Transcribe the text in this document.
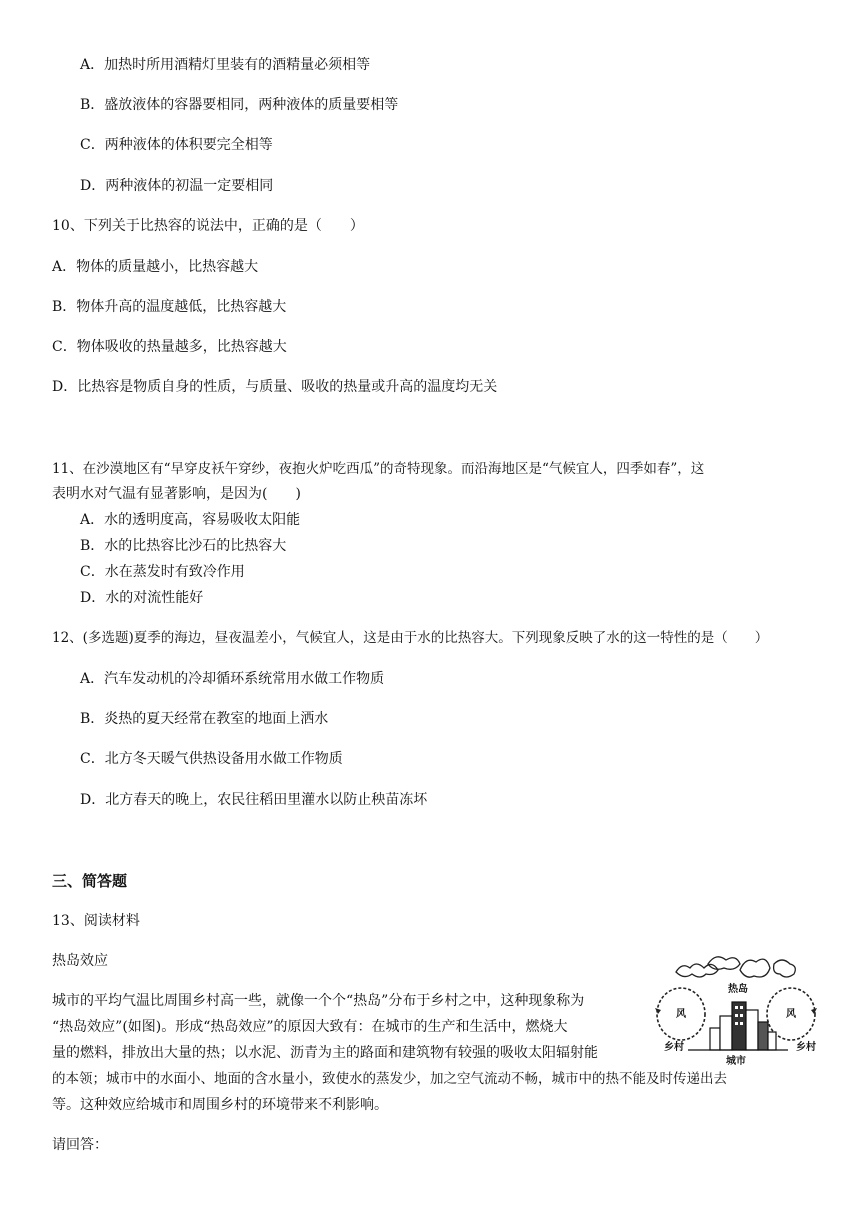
A．加热时所用酒精灯里装有的酒精量必须相等
B．盛放液体的容器要相同，两种液体的质量要相等
C．两种液体的体积要完全相等
D．两种液体的初温一定要相同
10、下列关于比热容的说法中，正确的是（　　）
A．物体的质量越小，比热容越大
B．物体升高的温度越低，比热容越大
C．物体吸收的热量越多，比热容越大
D．比热容是物质自身的性质，与质量、吸收的热量或升高的温度均无关
11、在沙漠地区有“早穿皮袄午穿纱，夜抱火炉吃西瓜”的奇特现象。而沿海地区是“气候宜人，四季如春”，这
表明水对气温有显著影响，是因为(　　)
A．水的透明度高，容易吸收太阳能
B．水的比热容比沙石的比热容大
C．水在蒸发时有致冷作用
D．水的对流性能好
12、(多选题)夏季的海边，昼夜温差小，气候宜人，这是由于水的比热容大。下列现象反映了水的这一特性的是（　　）
A．汽车发动机的冷却循环系统常用水做工作物质
B．炎热的夏天经常在教室的地面上洒水
C．北方冬天暖气供热设备用水做工作物质
D．北方春天的晚上，农民往稻田里灌水以防止秧苗冻坏
三、简答题
13、阅读材料
热岛效应
城市的平均气温比周围乡村高一些，就像一个个“热岛”分布于乡村之中，这种现象称为
“热岛效应”(如图)。形成“热岛效应”的原因大致有：在城市的生产和生活中，燃烧大
量的燃料，排放出大量的热；以水泥、沥青为主的路面和建筑物有较强的吸收太阳辐射能
的本领；城市中的水面小、地面的含水量小，致使水的蒸发少，加之空气流动不畅，城市中的热不能及时传递出去
等。这种效应给城市和周围乡村的环境带来不利影响。
请回答：
风	风
热岛
乡村	乡村
城市
